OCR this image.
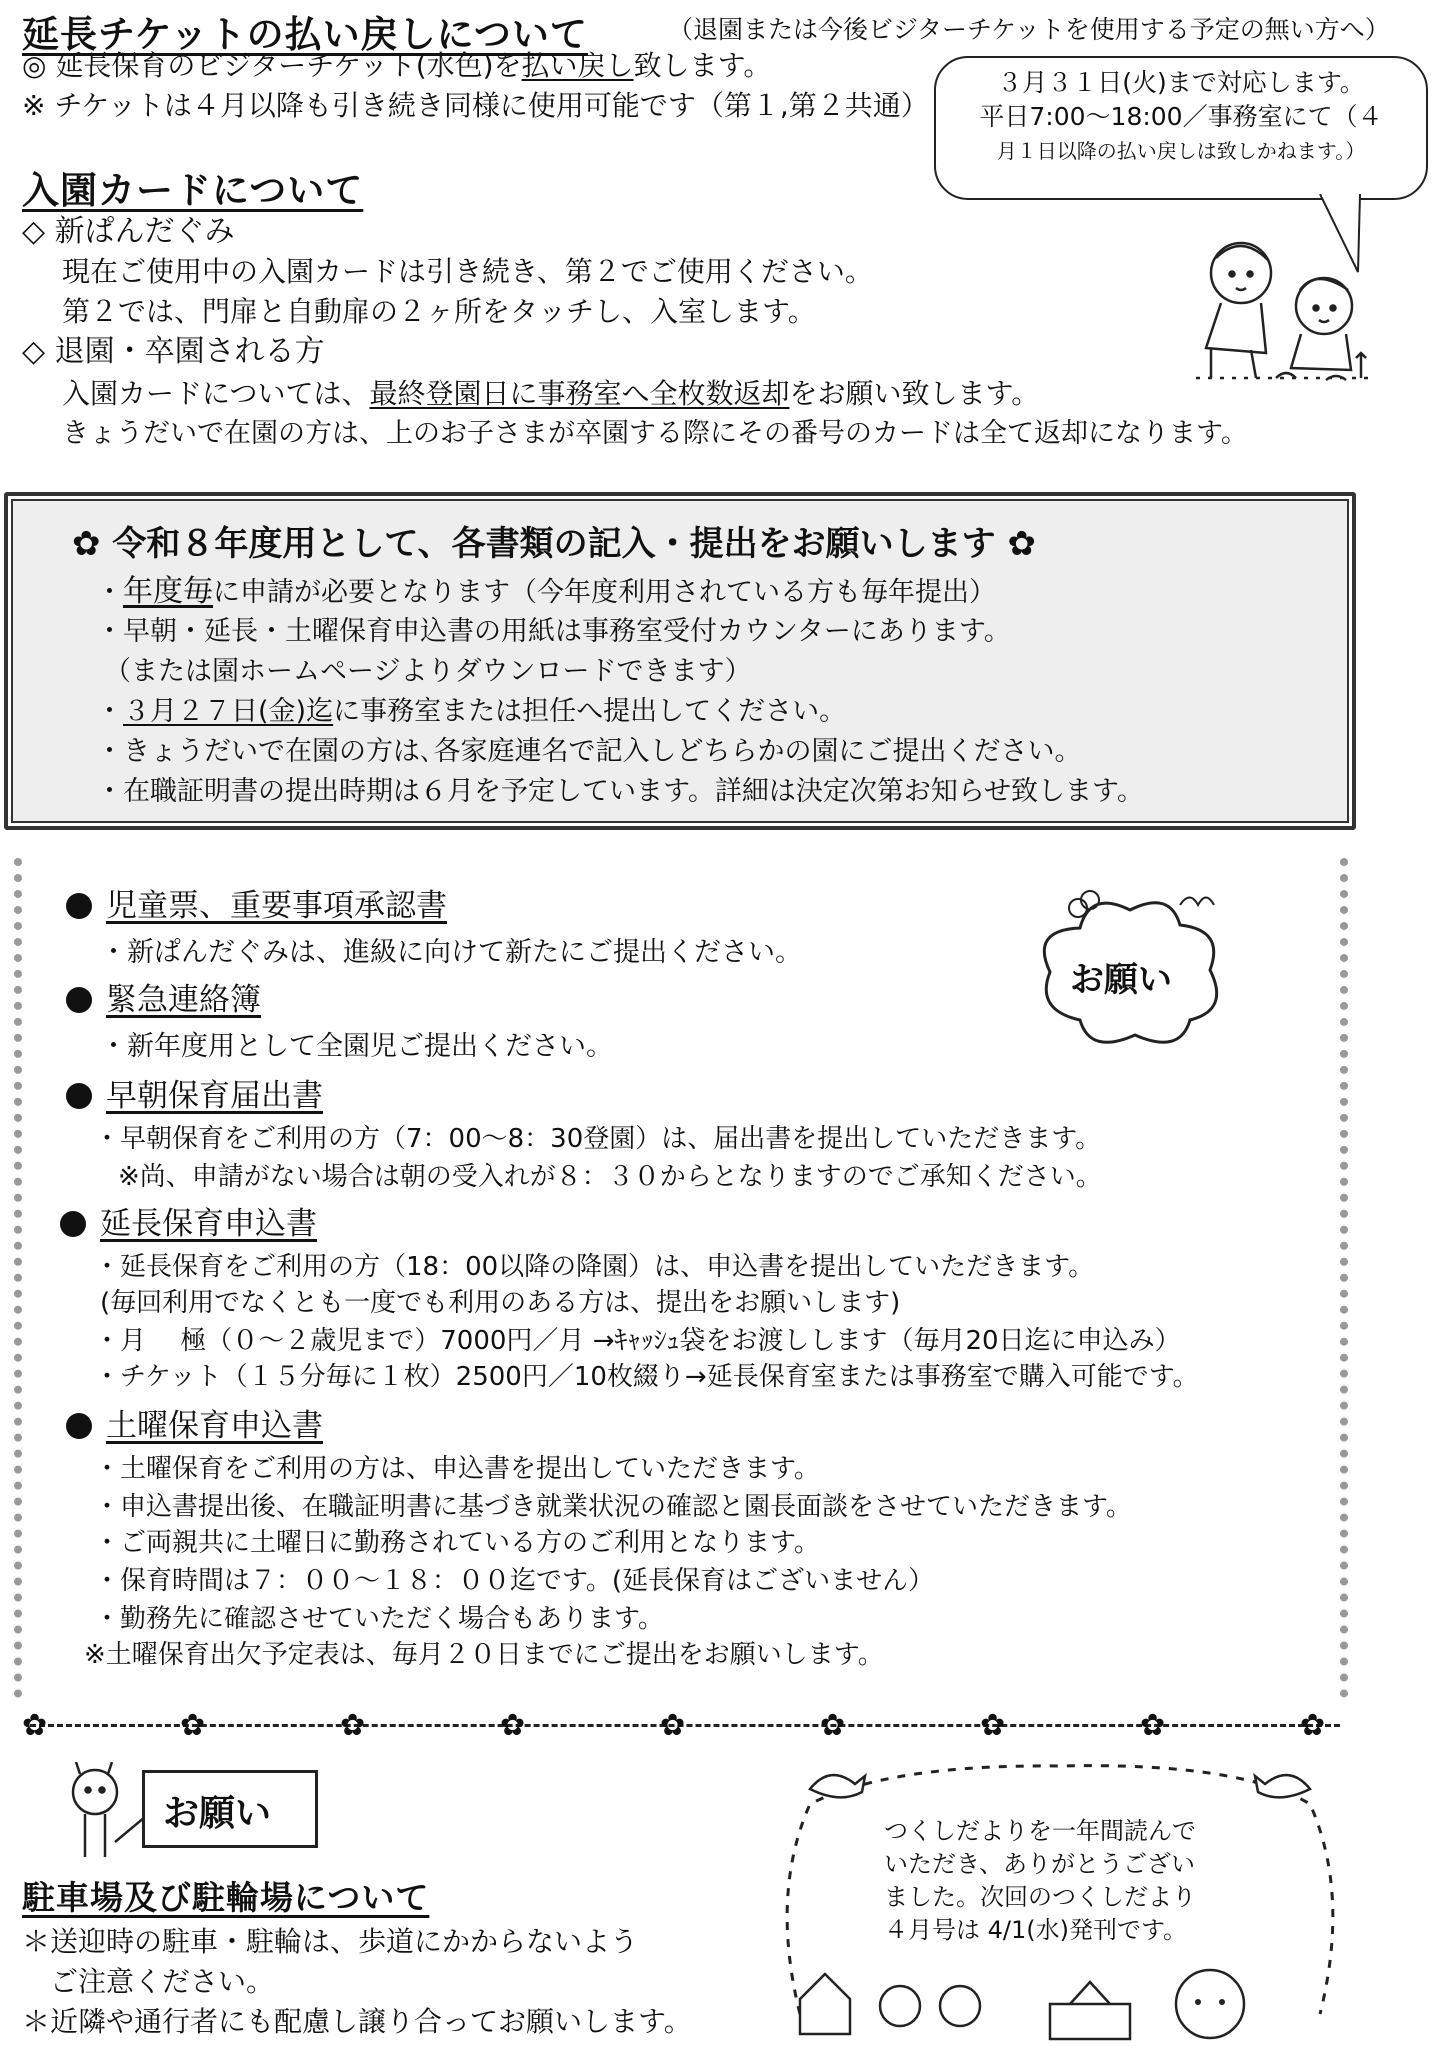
延長チケットの払い戻しについて	（退園または今後ビジターチケットを使用する予定の無い方へ）
◎ 延長保育のビジターチケット(水色)を払い戻し致します。
※ チケットは４月以降も引き続き同様に使用可能です（第１,第２共通）
３月３１日(火)まで対応します。
平日7:00～18:00／事務室にて（４
月１日以降の払い戻しは致しかねます。）
入園カードについて
◇ 新ぱんだぐみ
現在ご使用中の入園カードは引き続き、第２でご使用ください。
第２では、門扉と自動扉の２ヶ所をタッチし、入室します。
◇ 退園・卒園される方
入園カードについては、最終登園日に事務室へ全枚数返却をお願い致します。
きょうだいで在園の方は、上のお子さまが卒園する際にその番号のカードは全て返却になります。
✿ 令和８年度用として、各書類の記入・提出をお願いします ✿
・年度毎に申請が必要となります（今年度利用されている方も毎年提出）
・早朝・延長・土曜保育申込書の用紙は事務室受付カウンターにあります。
（または園ホームページよりダウンロードできます）
・３月２７日(金)迄に事務室または担任へ提出してください。
・きょうだいで在園の方は､各家庭連名で記入しどちらかの園にご提出ください。
・在職証明書の提出時期は６月を予定しています。詳細は決定次第お知らせ致します。
児童票、重要事項承認書
・新ぱんだぐみは、進級に向けて新たにご提出ください。
緊急連絡簿
・新年度用として全園児ご提出ください。
早朝保育届出書
・早朝保育をご利用の方（7：00～8：30登園）は、届出書を提出していただきます。
※尚、申請がない場合は朝の受入れが８：３０からとなりますのでご承知ください。
延長保育申込書
・延長保育をご利用の方（18：00以降の降園）は、申込書を提出していただきます。
(毎回利用でなくとも一度でも利用のある方は、提出をお願いします)
・月　 極（０～２歳児まで）7000円／月 →ｷｬｯｼｭ袋をお渡しします（毎月20日迄に申込み）
・チケット（１５分毎に１枚）2500円／10枚綴り→延長保育室または事務室で購入可能です。
土曜保育申込書
・土曜保育をご利用の方は、申込書を提出していただきます。
・申込書提出後、在職証明書に基づき就業状況の確認と園長面談をさせていただきます。
・ご両親共に土曜日に勤務されている方のご利用となります。
・保育時間は７：００～１８：００迄です。(延長保育はございません）
・勤務先に確認させていただく場合もあります。
※土曜保育出欠予定表は、毎月２０日までにご提出をお願いします。
お願い
✿	✿	✿	✿	✿	✿	✿	✿	✿
お願い
駐車場及び駐輪場について
＊送迎時の駐車・駐輪は、歩道にかからないよう
ご注意ください。
＊近隣や通行者にも配慮し譲り合ってお願いします。
つくしだよりを一年間読んで
いただき、ありがとうござい
ました。次回のつくしだより
４月号は 4/1(水)発刊です。
